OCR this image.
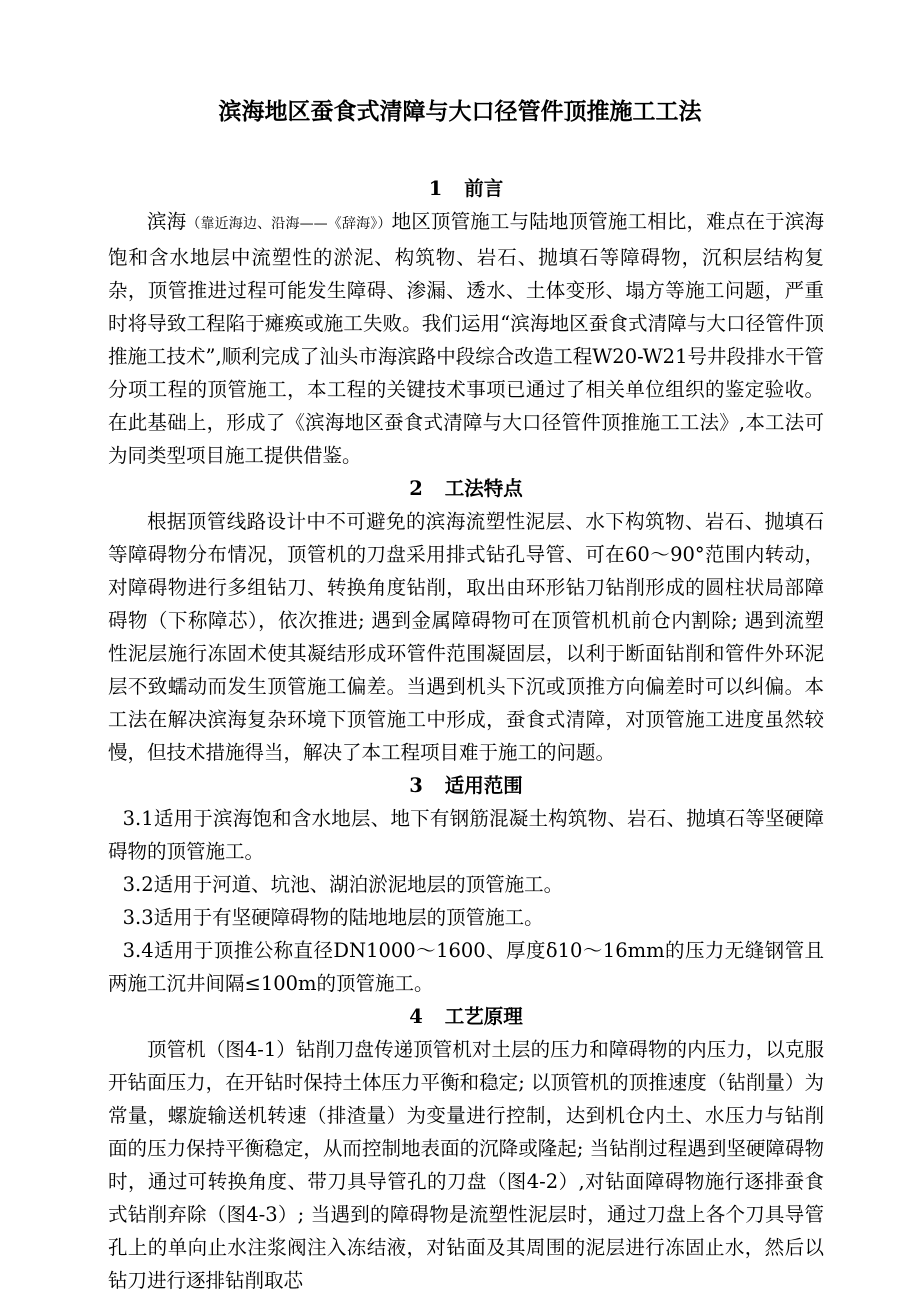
滨海地区蚕食式清障与大口径管件顶推施工工法
1 前言

滨海（靠近海边、沿海——《辞海》）地区顶管施工与陆地顶管施工相比，难点在于滨海饱和含水地层中流塑性的淤泥、构筑物、岩石、抛填石等障碍物，沉积层结构复杂，顶管推进过程可能发生障碍、渗漏、透水、土体变形、塌方等施工问题，严重时将导致工程陷于瘫痪或施工失败。我们运用“滨海地区蚕食式清障与大口径管件顶推施工技术”,顺利完成了汕头市海滨路中段综合改造工程W20-W21号井段排水干管分项工程的顶管施工，本工程的关键技术事项已通过了相关单位组织的鉴定验收。在此基础上，形成了《滨海地区蚕食式清障与大口径管件顶推施工工法》,本工法可为同类型项目施工提供借鉴。

2 工法特点

根据顶管线路设计中不可避免的滨海流塑性泥层、水下构筑物、岩石、抛填石等障碍物分布情况，顶管机的刀盘采用排式钻孔导管、可在60～90°范围内转动，对障碍物进行多组钻刀、转换角度钻削，取出由环形钻刀钻削形成的圆柱状局部障碍物（下称障芯），依次推进; 遇到金属障碍物可在顶管机机前仓内割除; 遇到流塑性泥层施行冻固术使其凝结形成环管件范围凝固层，以利于断面钻削和管件外环泥层不致蠕动而发生顶管施工偏差。当遇到机头下沉或顶推方向偏差时可以纠偏。本工法在解决滨海复杂环境下顶管施工中形成，蚕食式清障，对顶管施工进度虽然较慢，但技术措施得当，解决了本工程项目难于施工的问题。

3 适用范围

3.1适用于滨海饱和含水地层、地下有钢筋混凝土构筑物、岩石、抛填石等坚硬障碍物的顶管施工。

3.2适用于河道、坑池、湖泊淤泥地层的顶管施工。

3.3适用于有坚硬障碍物的陆地地层的顶管施工。

3.4适用于顶推公称直径DN1000～1600、厚度δ10～16mm的压力无缝钢管且两施工沉井间隔≤100m的顶管施工。

4 工艺原理

顶管机（图4-1）钻削刀盘传递顶管机对土层的压力和障碍物的内压力，以克服开钻面压力，在开钻时保持土体压力平衡和稳定; 以顶管机的顶推速度（钻削量）为常量，螺旋输送机转速（排渣量）为变量进行控制，达到机仓内土、水压力与钻削面的压力保持平衡稳定，从而控制地表面的沉降或隆起; 当钻削过程遇到坚硬障碍物时，通过可转换角度、带刀具导管孔的刀盘（图4-2）,对钻面障碍物施行逐排蚕食式钻削弃除（图4-3）; 当遇到的障碍物是流塑性泥层时，通过刀盘上各个刀具导管孔上的单向止水注浆阀注入冻结液，对钻面及其周围的泥层进行冻固止水，然后以钻刀进行逐排钻削取芯
